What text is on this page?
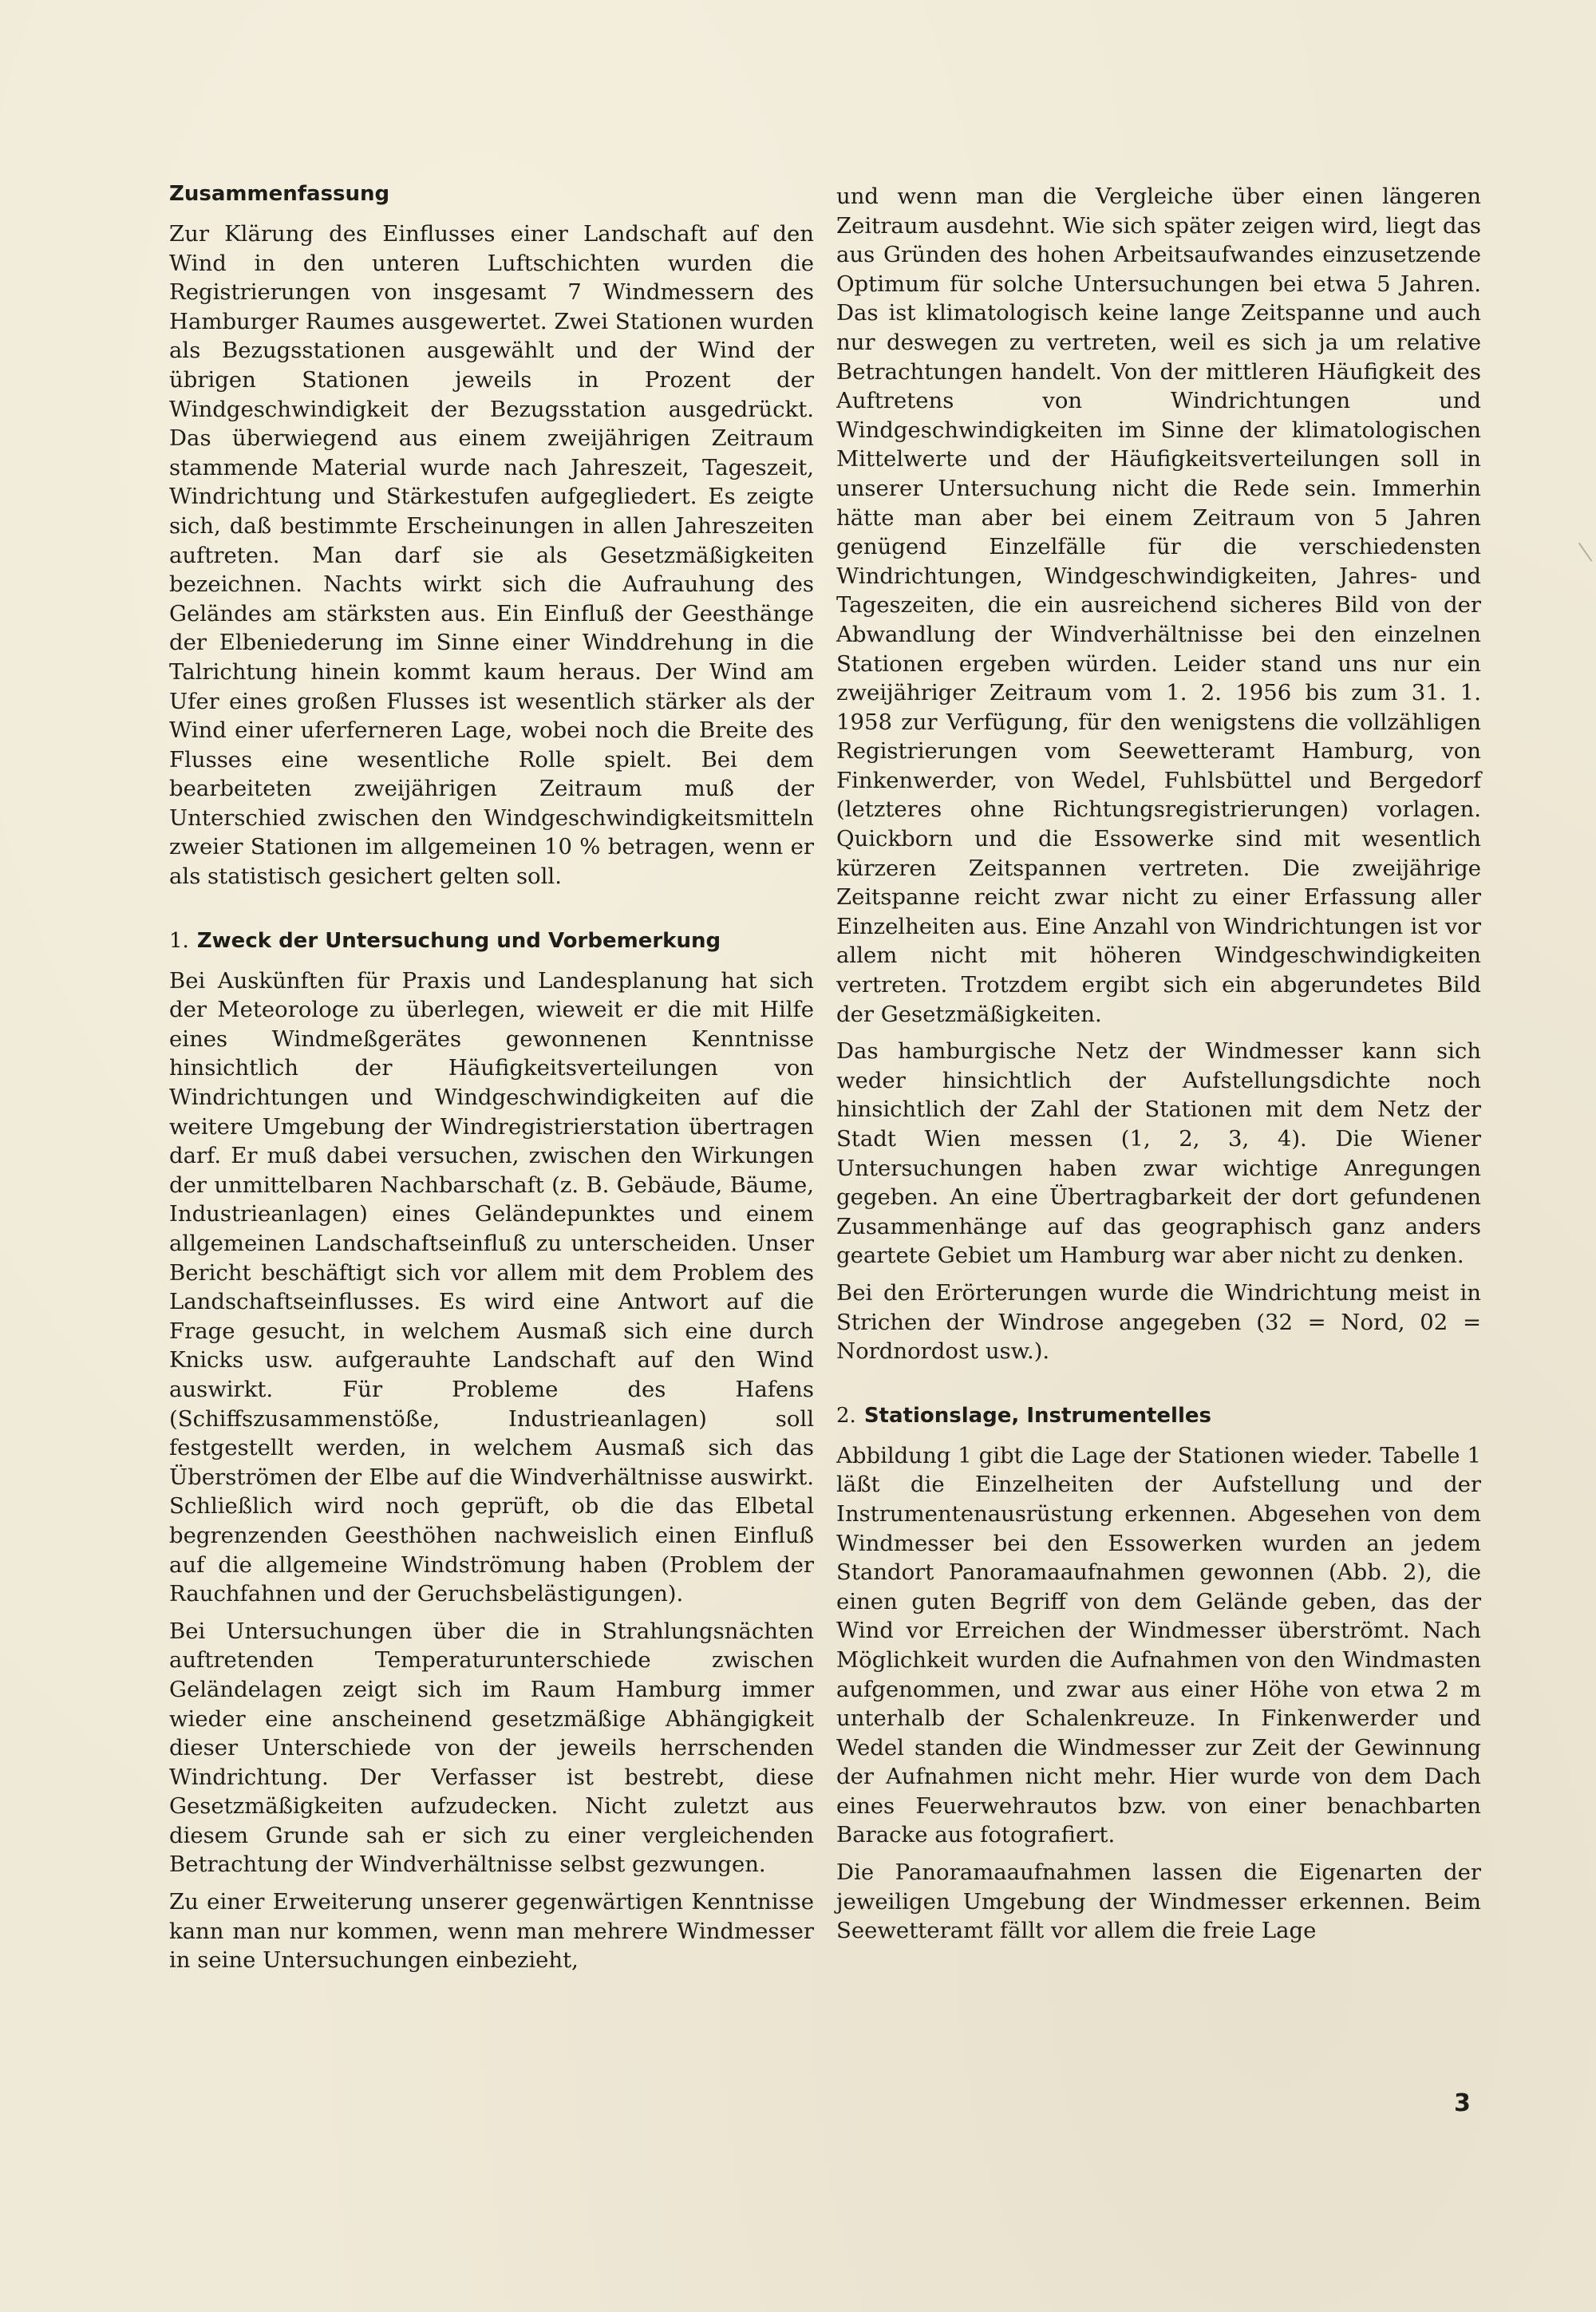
Zusammenfassung

Zur Klärung des Einflusses einer Landschaft auf den Wind in den unteren Luftschichten wurden die Registrierungen von insgesamt 7 Windmessern des Hamburger Raumes ausgewertet. Zwei Stationen wurden als Bezugsstationen ausgewählt und der Wind der übrigen Stationen jeweils in Prozent der Windgeschwindigkeit der Bezugsstation ausgedrückt. Das überwiegend aus einem zweijährigen Zeitraum stammende Material wurde nach Jahreszeit, Tageszeit, Windrichtung und Stärkestufen aufgegliedert. Es zeigte sich, daß bestimmte Erscheinungen in allen Jahreszeiten auftreten. Man darf sie als Gesetzmäßigkeiten bezeichnen. Nachts wirkt sich die Aufrauhung des Geländes am stärksten aus. Ein Einfluß der Geesthänge der Elbeniederung im Sinne einer Winddrehung in die Talrichtung hinein kommt kaum heraus. Der Wind am Ufer eines großen Flusses ist wesentlich stärker als der Wind einer uferferneren Lage, wobei noch die Breite des Flusses eine wesentliche Rolle spielt. Bei dem bearbeiteten zweijährigen Zeitraum muß der Unterschied zwischen den Windgeschwindigkeitsmitteln zweier Stationen im allgemeinen 10 % betragen, wenn er als statistisch gesichert gelten soll.

1. Zweck der Untersuchung und Vorbemerkung

Bei Auskünften für Praxis und Landesplanung hat sich der Meteorologe zu überlegen, wieweit er die mit Hilfe eines Windmeßgerätes gewonnenen Kenntnisse hinsichtlich der Häufigkeitsverteilungen von Windrichtungen und Windgeschwindigkeiten auf die weitere Umgebung der Windregistrierstation übertragen darf. Er muß dabei versuchen, zwischen den Wirkungen der unmittelbaren Nachbarschaft (z. B. Gebäude, Bäume, Industrieanlagen) eines Geländepunktes und einem allgemeinen Landschaftseinfluß zu unterscheiden. Unser Bericht beschäftigt sich vor allem mit dem Problem des Landschaftseinflusses. Es wird eine Antwort auf die Frage gesucht, in welchem Ausmaß sich eine durch Knicks usw. aufgerauhte Landschaft auf den Wind auswirkt. Für Probleme des Hafens (Schiffszusammenstöße, Industrieanlagen) soll festgestellt werden, in welchem Ausmaß sich das Überströmen der Elbe auf die Windverhältnisse auswirkt. Schließlich wird noch geprüft, ob die das Elbetal begrenzenden Geesthöhen nachweislich einen Einfluß auf die allgemeine Windströmung haben (Problem der Rauchfahnen und der Geruchsbelästigungen).

Bei Untersuchungen über die in Strahlungsnächten auftretenden Temperaturunterschiede zwischen Geländelagen zeigt sich im Raum Hamburg immer wieder eine anscheinend gesetzmäßige Abhängigkeit dieser Unterschiede von der jeweils herrschenden Windrichtung. Der Verfasser ist bestrebt, diese Gesetzmäßigkeiten aufzudecken. Nicht zuletzt aus diesem Grunde sah er sich zu einer vergleichenden Betrachtung der Windverhältnisse selbst gezwungen.

Zu einer Erweiterung unserer gegenwärtigen Kenntnisse kann man nur kommen, wenn man mehrere Windmesser in seine Untersuchungen einbezieht,

und wenn man die Vergleiche über einen längeren Zeitraum ausdehnt. Wie sich später zeigen wird, liegt das aus Gründen des hohen Arbeitsaufwandes einzusetzende Optimum für solche Untersuchungen bei etwa 5 Jahren. Das ist klimatologisch keine lange Zeitspanne und auch nur deswegen zu vertreten, weil es sich ja um relative Betrachtungen handelt. Von der mittleren Häufigkeit des Auftretens von Windrichtungen und Windgeschwindigkeiten im Sinne der klimatologischen Mittelwerte und der Häufigkeitsverteilungen soll in unserer Untersuchung nicht die Rede sein. Immerhin hätte man aber bei einem Zeitraum von 5 Jahren genügend Einzelfälle für die verschiedensten Windrichtungen, Windgeschwindigkeiten, Jahres- und Tageszeiten, die ein ausreichend sicheres Bild von der Abwandlung der Windverhältnisse bei den einzelnen Stationen ergeben würden. Leider stand uns nur ein zweijähriger Zeitraum vom 1. 2. 1956 bis zum 31. 1. 1958 zur Verfügung, für den wenigstens die vollzähligen Registrierungen vom Seewetteramt Hamburg, von Finkenwerder, von Wedel, Fuhlsbüttel und Bergedorf (letzteres ohne Richtungsregistrierungen) vorlagen. Quickborn und die Essowerke sind mit wesentlich kürzeren Zeitspannen vertreten. Die zweijährige Zeitspanne reicht zwar nicht zu einer Erfassung aller Einzelheiten aus. Eine Anzahl von Windrichtungen ist vor allem nicht mit höheren Windgeschwindigkeiten vertreten. Trotzdem ergibt sich ein abgerundetes Bild der Gesetzmäßigkeiten.

Das hamburgische Netz der Windmesser kann sich weder hinsichtlich der Aufstellungsdichte noch hinsichtlich der Zahl der Stationen mit dem Netz der Stadt Wien messen (1, 2, 3, 4). Die Wiener Untersuchungen haben zwar wichtige Anregungen gegeben. An eine Übertragbarkeit der dort gefundenen Zusammenhänge auf das geographisch ganz anders geartete Gebiet um Hamburg war aber nicht zu denken.

Bei den Erörterungen wurde die Windrichtung meist in Strichen der Windrose angegeben (32 = Nord, 02 = Nordnordost usw.).

2. Stationslage, Instrumentelles

Abbildung 1 gibt die Lage der Stationen wieder. Tabelle 1 läßt die Einzelheiten der Aufstellung und der Instrumentenausrüstung erkennen. Abgesehen von dem Windmesser bei den Essowerken wurden an jedem Standort Panoramaaufnahmen gewonnen (Abb. 2), die einen guten Begriff von dem Gelände geben, das der Wind vor Erreichen der Windmesser überströmt. Nach Möglichkeit wurden die Aufnahmen von den Windmasten aufgenommen, und zwar aus einer Höhe von etwa 2 m unterhalb der Schalenkreuze. In Finkenwerder und Wedel standen die Windmesser zur Zeit der Gewinnung der Aufnahmen nicht mehr. Hier wurde von dem Dach eines Feuerwehrautos bzw. von einer benachbarten Baracke aus fotografiert.

Die Panoramaaufnahmen lassen die Eigenarten der jeweiligen Umgebung der Windmesser erkennen. Beim Seewetteramt fällt vor allem die freie Lage

3
